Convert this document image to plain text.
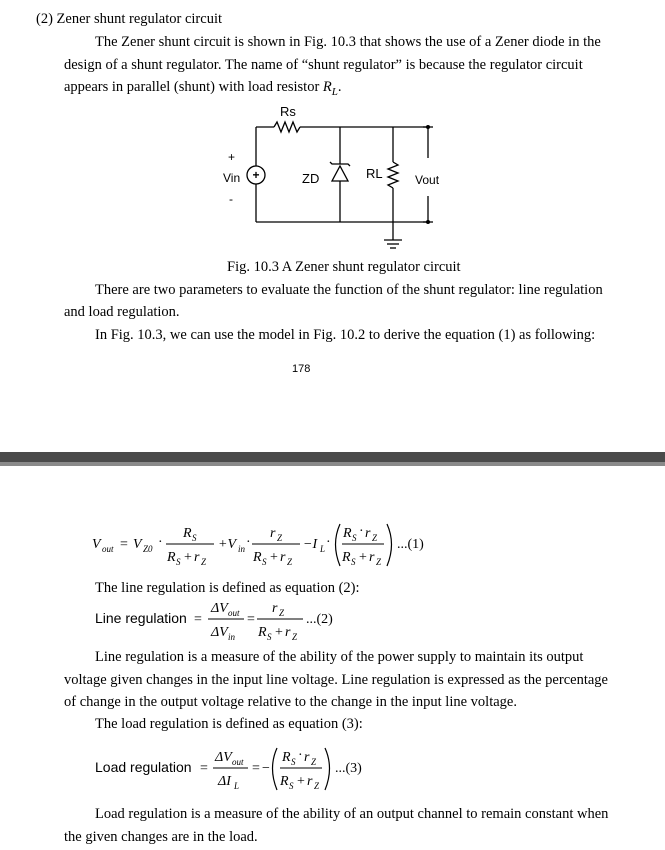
(2) Zener shunt regulator circuit
The Zener shunt circuit is shown in Fig. 10.3 that shows the use of a Zener diode in the
design of a shunt regulator. The name of “shunt regulator” is because the regulator circuit
appears in parallel (shunt) with load resistor $R_L$.
+
Rs
+
Vin
-
ZD	RL	Vout
Fig. 10.3 A Zener shunt regulator circuit
There are two parameters to evaluate the function of the shunt regulator: line regulation
and load regulation.
In Fig. 10.3, we can use the model in Fig. 10.2 to derive the equation (1) as following:
178
V out = V Z0 ·
R S
R S + r Z
+V in ·
r Z
R S + r Z
−I L ·
R S · r Z
R S + r Z
...(1)
The line regulation is defined as equation (2):
Line regulation =
ΔV out
ΔV in
=
r Z
R S + r Z
...(2)
Line regulation is a measure of the ability of the power supply to maintain its output
voltage given changes in the input line voltage. Line regulation is expressed as the percentage
of change in the output voltage relative to the change in the input line voltage.
The load regulation is defined as equation (3):
Load regulation =
ΔV out
ΔI L
= −
R S · r Z
R S + r Z
...(3)
Load regulation is a measure of the ability of an output channel to remain constant when
the given changes are in the load.
